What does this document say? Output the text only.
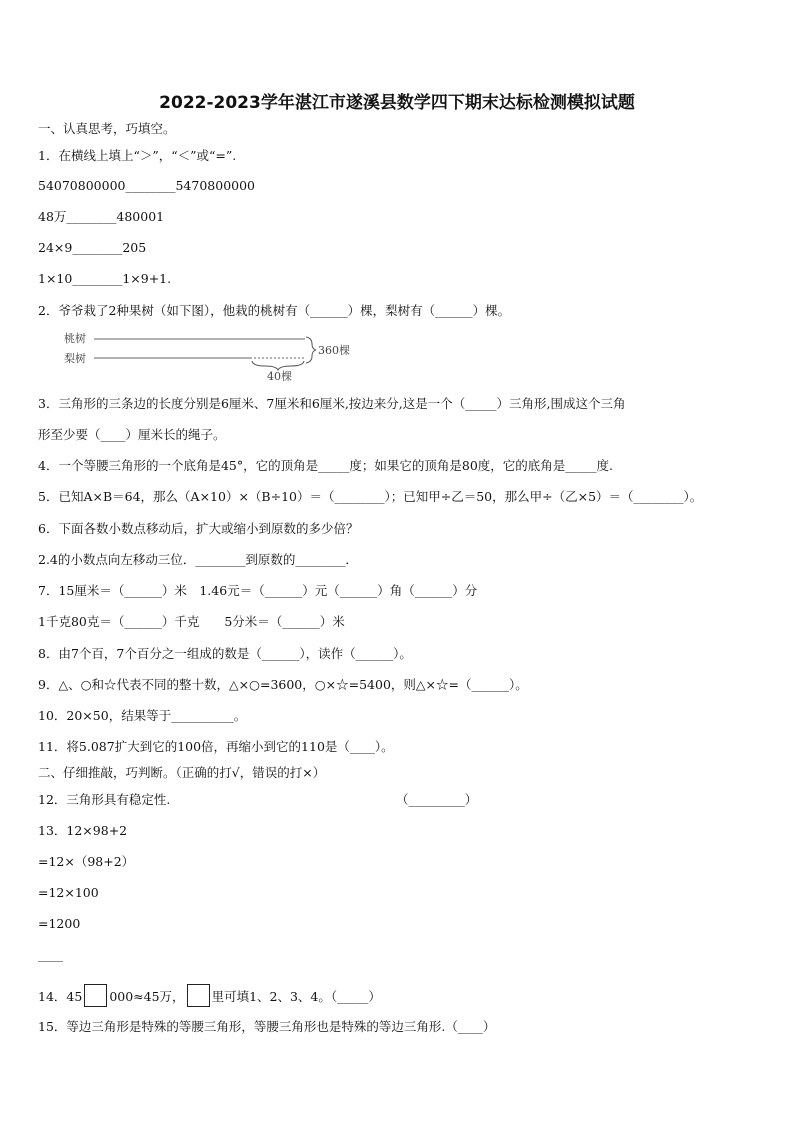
2022-2023学年湛江市遂溪县数学四下期末达标检测模拟试题
一、认真思考，巧填空。
1．在横线上填上“＞”，“＜”或“=”.
54070800000________5470800000
48万________480001
24×9________205
1×10________1×9+1.
2．爷爷栽了2种果树（如下图），他栽的桃树有（______）棵，梨树有（______）棵。
桃树
梨树
360棵
40棵
3．三角形的三条边的长度分别是6厘米、7厘米和6厘米,按边来分,这是一个（_____）三角形,围成这个三角
形至少要（____）厘米长的绳子。
4．一个等腰三角形的一个底角是45°，它的顶角是_____度；如果它的顶角是80度，它的底角是_____度.
5．已知A×B＝64，那么（A×10）×（B÷10）＝（________）；已知甲÷乙＝50，那么甲÷（乙×5）＝（________）。
6．下面各数小数点移动后，扩大或缩小到原数的多少倍？
2.4的小数点向左移动三位．________到原数的________．
7．15厘米＝（______）米　1.46元＝（______）元（______）角（______）分
1千克80克＝（______）千克　　5分米＝（______）米
8．由7个百，7个百分之一组成的数是（______），读作（______）。
9．△、○和☆代表不同的整十数，△×○=3600，○×☆=5400，则△×☆=（______）。
10．20×50，结果等于__________。
11．将5.087扩大到它的100倍，再缩小到它的110是（____）。
二、仔细推敲，巧判断。（正确的打√，错误的打×）
12．三角形具有稳定性.	（_________）
13．12×98+2
=12×（98+2）
=12×100
=1200
____
14．45 000≈45万， 里可填1、2、3、4。（_____）
15．等边三角形是特殊的等腰三角形，等腰三角形也是特殊的等边三角形.（____）
